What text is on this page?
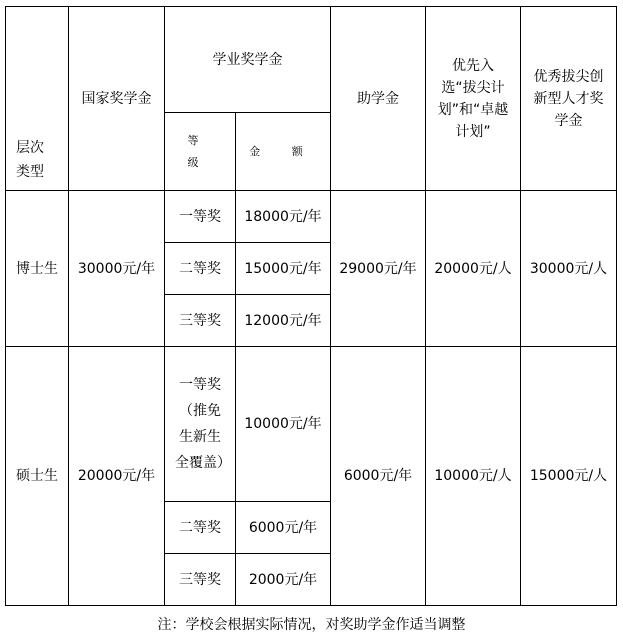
层次类型	国家奖学金	学业奖学金		助学金	优先入选“拔尖计划”和“卓越计划”	优秀拔尖创新型人才奖学金
		等 级	金 额			
博士生	30000元/年	一等奖	18000元/年	29000元/年	20000元/人	30000元/人
		二等奖	15000元/年			
		三等奖	12000元/年			
硕士生	20000元/年	一等奖（推免生新生全覆盖）	10000元/年	6000元/年	10000元/人	15000元/人
		二等奖	6000元/年			
		三等奖	2000元/年			
注：学校会根据实际情况，对奖助学金作适当调整
